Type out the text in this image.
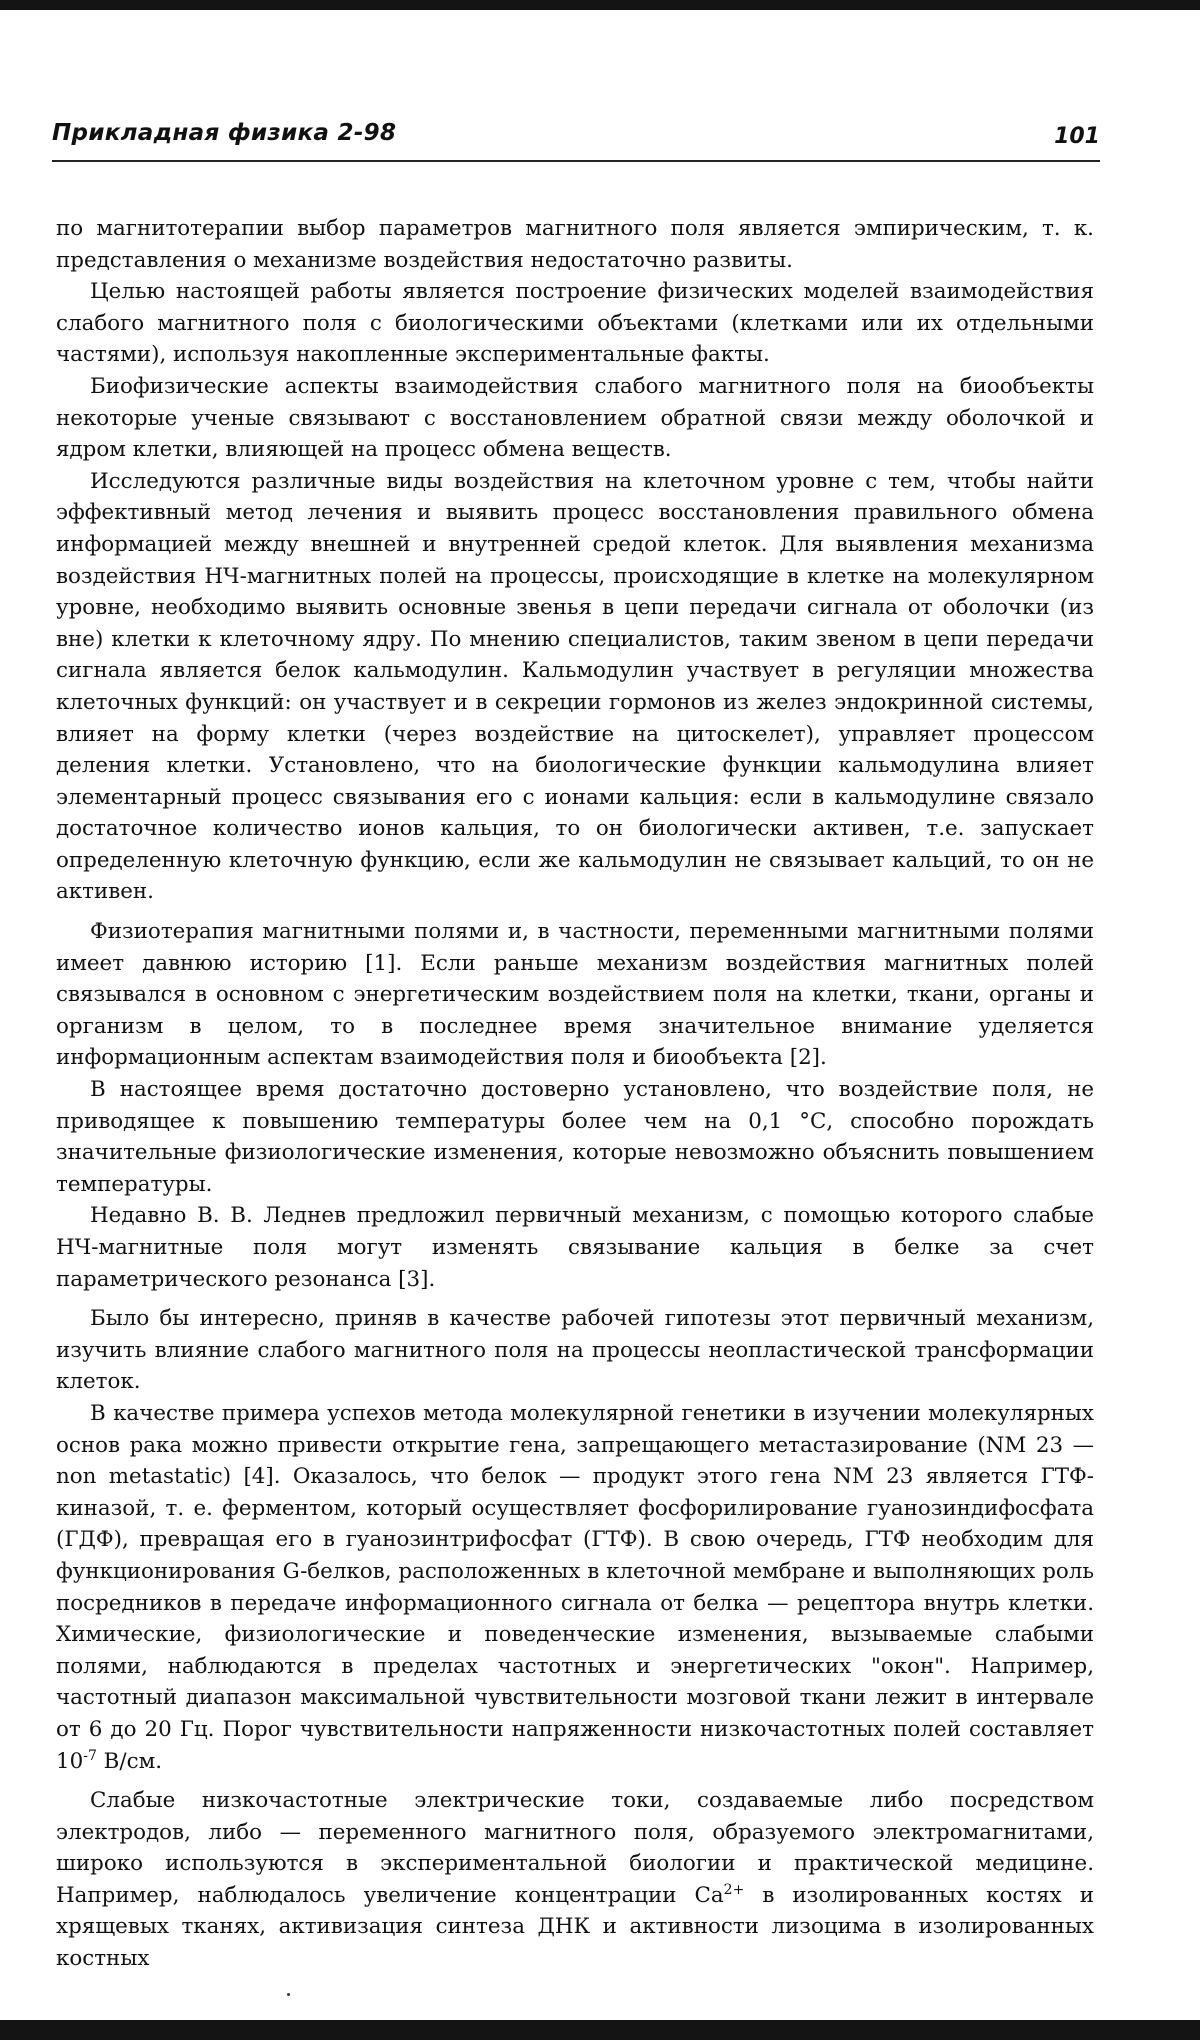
Прикладная физика 2-98	101

по магнитотерапии выбор параметров магнитного поля является эмпирическим, т. к. представления о механизме воздействия недостаточно развиты.

Целью настоящей работы является построение физических моделей взаимодействия слабого магнитного поля с биологическими объектами (клетками или их отдельными частями), используя накопленные экспериментальные факты.

Биофизические аспекты взаимодействия слабого магнитного поля на биообъекты некоторые ученые связывают с восстановлением обратной связи между оболочкой и ядром клетки, влияющей на процесс обмена веществ.

Исследуются различные виды воздействия на клеточном уровне с тем, чтобы найти эффективный метод лечения и выявить процесс восстановления правильного обмена информацией между внешней и внутренней средой клеток. Для выявления механизма воздействия НЧ-магнитных полей на процессы, происходящие в клетке на молекулярном уровне, необходимо выявить основные звенья в цепи передачи сигнала от оболочки (из вне) клетки к клеточному ядру. По мнению специалистов, таким звеном в цепи передачи сигнала является белок кальмодулин. Кальмодулин участвует в регуляции множества клеточных функций: он участвует и в секреции гормонов из желез эндокринной системы, влияет на форму клетки (через воздействие на цитоскелет), управляет процессом деления клетки. Установлено, что на биологические функции кальмодулина влияет элементарный процесс связывания его с ионами кальция: если в кальмодулине связало достаточное количество ионов кальция, то он биологически активен, т.е. запускает определенную клеточную функцию, если же кальмодулин не связывает кальций, то он не активен.

Физиотерапия магнитными полями и, в частности, переменными магнитными полями имеет давнюю историю [1]. Если раньше механизм воздействия магнитных полей связывался в основном с энергетическим воздействием поля на клетки, ткани, органы и организм в целом, то в последнее время значительное внимание уделяется информационным аспектам взаимодействия поля и биообъекта [2].

В настоящее время достаточно достоверно установлено, что воздействие поля, не приводящее к повышению температуры более чем на 0,1 °С, способно порождать значительные физиологические изменения, которые невозможно объяснить повышением температуры.

Недавно В. В. Леднев предложил первичный механизм, с помощью которого слабые НЧ-магнитные поля могут изменять связывание кальция в белке за счет параметрического резонанса [3].

Было бы интересно, приняв в качестве рабочей гипотезы этот первичный механизм, изучить влияние слабого магнитного поля на процессы неопластической трансформации клеток.

В качестве примера успехов метода молекулярной генетики в изучении молекулярных основ рака можно привести открытие гена, запрещающего метастазирование (NM 23 — non metastatic) [4]. Оказалось, что белок — продукт этого гена NM 23 является ГТФ-киназой, т. е. ферментом, который осуществляет фосфорилирование гуанозиндифосфата (ГДФ), превращая его в гуанозинтрифосфат (ГТФ). В свою очередь, ГТФ необходим для функционирования G-белков, расположенных в клеточной мембране и выполняющих роль посредников в передаче информационного сигнала от белка — рецептора внутрь клетки. Химические, физиологические и поведенческие изменения, вызываемые слабыми полями, наблюдаются в пределах частотных и энергетических "окон". Например, частотный диапазон максимальной чувствительности мозговой ткани лежит в интервале от 6 до 20 Гц. Порог чувствительности напряженности низкочастотных полей составляет $10^{-7}$ В/см.

Слабые низкочастотные электрические токи, создаваемые либо посредством электродов, либо — переменного магнитного поля, образуемого электромагнитами, широко используются в экспериментальной биологии и практической медицине. Например, наблюдалось увеличение концентрации $Ca^{2+}$ в изолированных костях и хрящевых тканях, активизация синтеза ДНК и активности лизоцима в изолированных костных
